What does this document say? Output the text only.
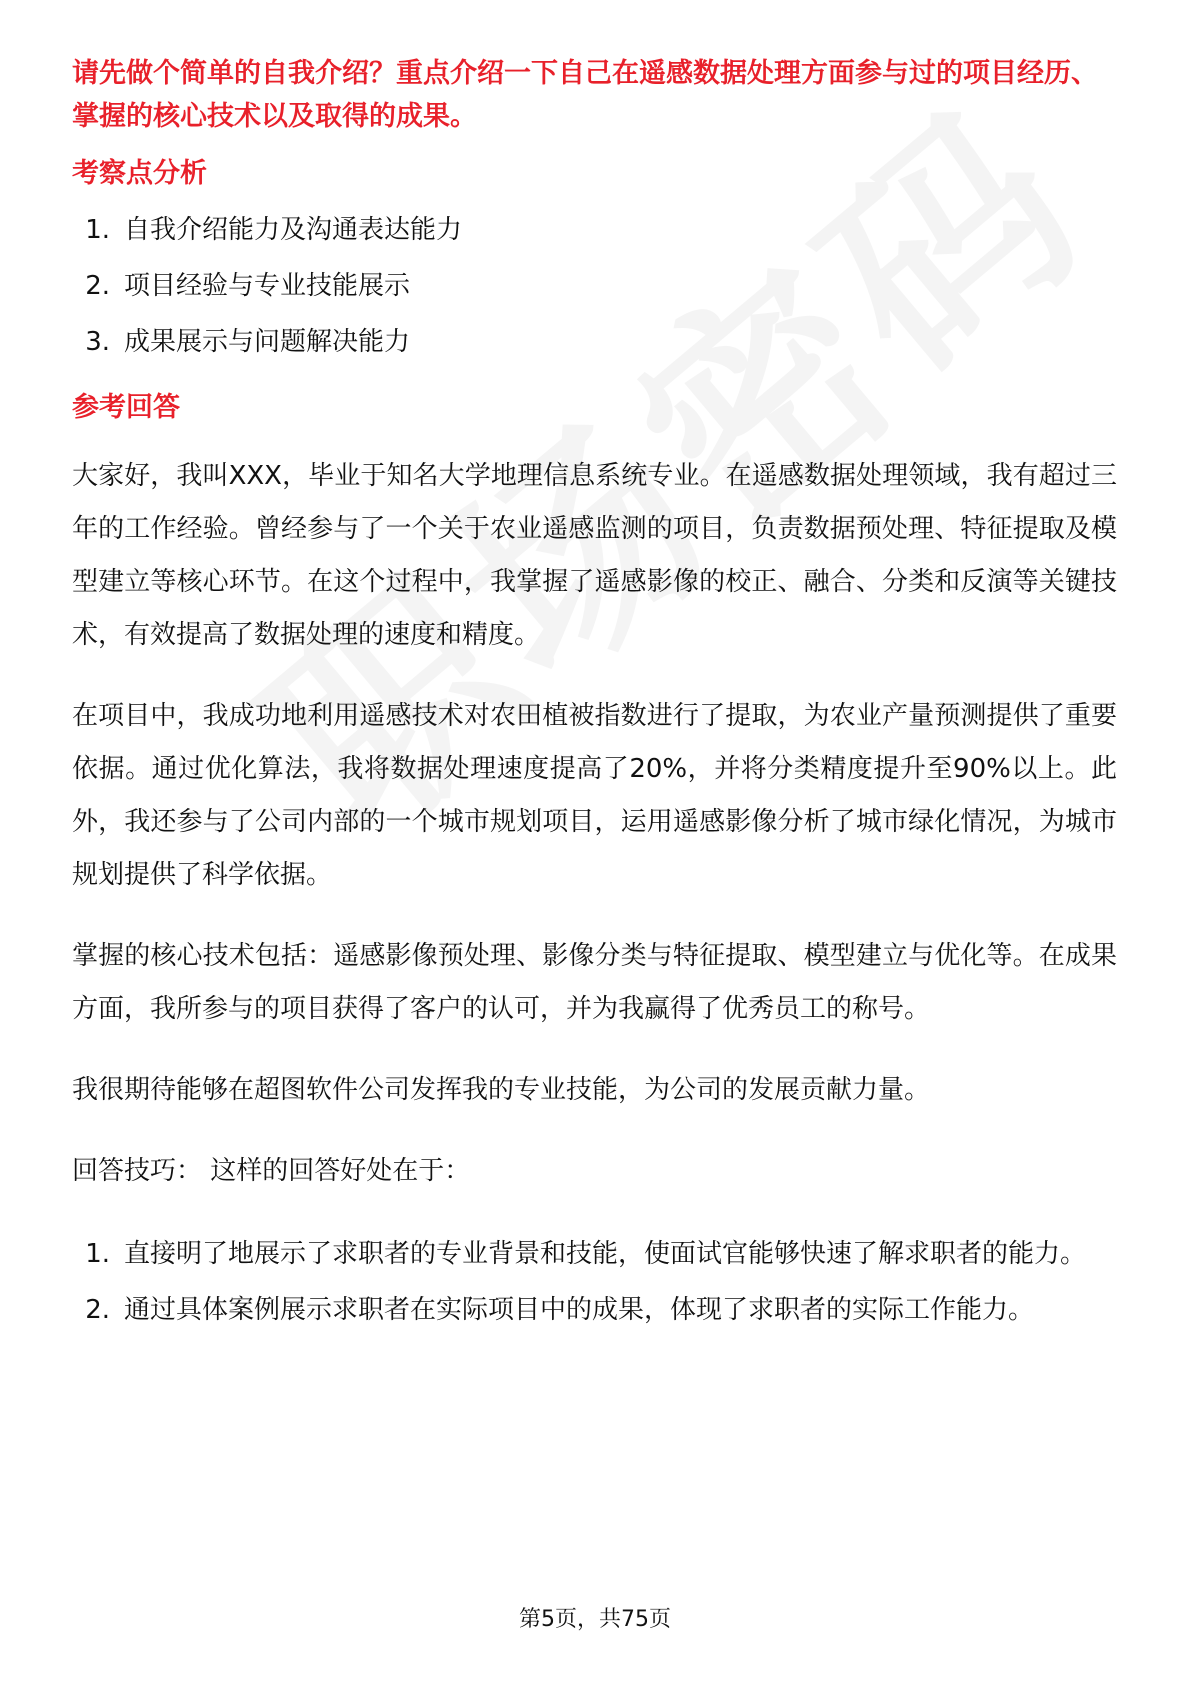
请先做个简单的自我介绍？重点介绍一下自己在遥感数据处理方面参与过的项目经历、掌握的核心技术以及取得的成果。

考察点分析
1. 自我介绍能力及沟通表达能力
2. 项目经验与专业技能展示
3. 成果展示与问题解决能力
参考回答

大家好，我叫XXX，毕业于知名大学地理信息系统专业。在遥感数据处理领域，我有超过三年的工作经验。曾经参与了一个关于农业遥感监测的项目，负责数据预处理、特征提取及模型建立等核心环节。在这个过程中，我掌握了遥感影像的校正、融合、分类和反演等关键技术，有效提高了数据处理的速度和精度。

在项目中，我成功地利用遥感技术对农田植被指数进行了提取，为农业产量预测提供了重要依据。通过优化算法，我将数据处理速度提高了20%，并将分类精度提升至90%以上。此外，我还参与了公司内部的一个城市规划项目，运用遥感影像分析了城市绿化情况，为城市规划提供了科学依据。

掌握的核心技术包括：遥感影像预处理、影像分类与特征提取、模型建立与优化等。在成果方面，我所参与的项目获得了客户的认可，并为我赢得了优秀员工的称号。

我很期待能够在超图软件公司发挥我的专业技能，为公司的发展贡献力量。

回答技巧： 这样的回答好处在于：

1. 直接明了地展示了求职者的专业背景和技能，使面试官能够快速了解求职者的能力。
2. 通过具体案例展示求职者在实际项目中的成果，体现了求职者的实际工作能力。
第5页，共75页
